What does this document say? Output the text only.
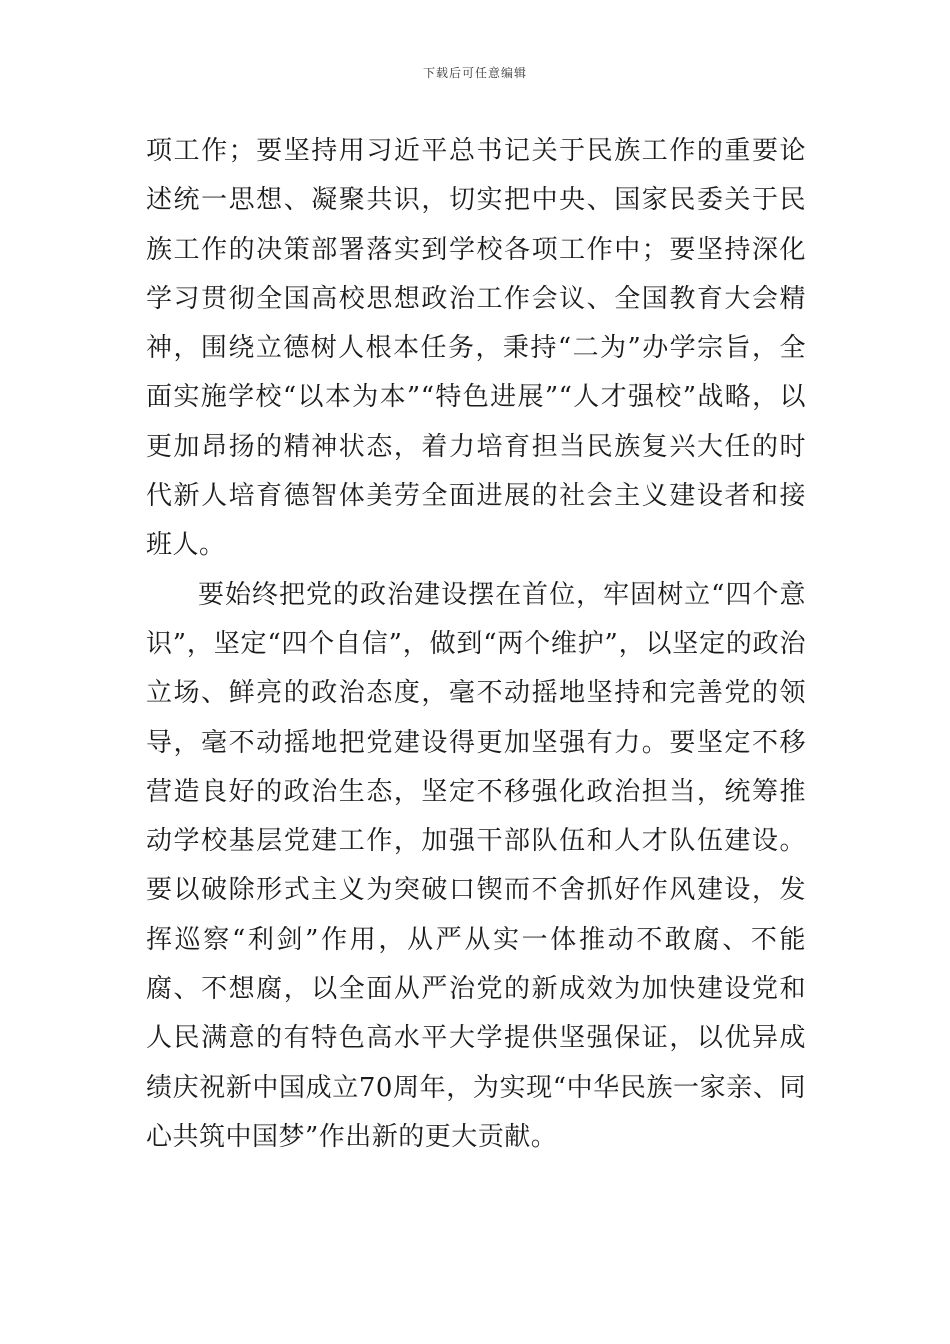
下载后可任意编辑

项工作；要坚持用习近平总书记关于民族工作的重要论述统一思想、凝聚共识，切实把中央、国家民委关于民族工作的决策部署落实到学校各项工作中；要坚持深化学习贯彻全国高校思想政治工作会议、全国教育大会精神，围绕立德树人根本任务，秉持“二为”办学宗旨，全面实施学校“以本为本”“特色进展”“人才强校”战略，以更加昂扬的精神状态，着力培育担当民族复兴大任的时代新人培育德智体美劳全面进展的社会主义建设者和接班人。

要始终把党的政治建设摆在首位，牢固树立“四个意识”，坚定“四个自信”，做到“两个维护”，以坚定的政治立场、鲜亮的政治态度，毫不动摇地坚持和完善党的领导，毫不动摇地把党建设得更加坚强有力。要坚定不移营造良好的政治生态，坚定不移强化政治担当，统筹推动学校基层党建工作，加强干部队伍和人才队伍建设。要以破除形式主义为突破口锲而不舍抓好作风建设，发挥巡察“利剑”作用，从严从实一体推动不敢腐、不能腐、不想腐，以全面从严治党的新成效为加快建设党和人民满意的有特色高水平大学提供坚强保证，以优异成绩庆祝新中国成立70周年，为实现“中华民族一家亲、同心共筑中国梦”作出新的更大贡献。
